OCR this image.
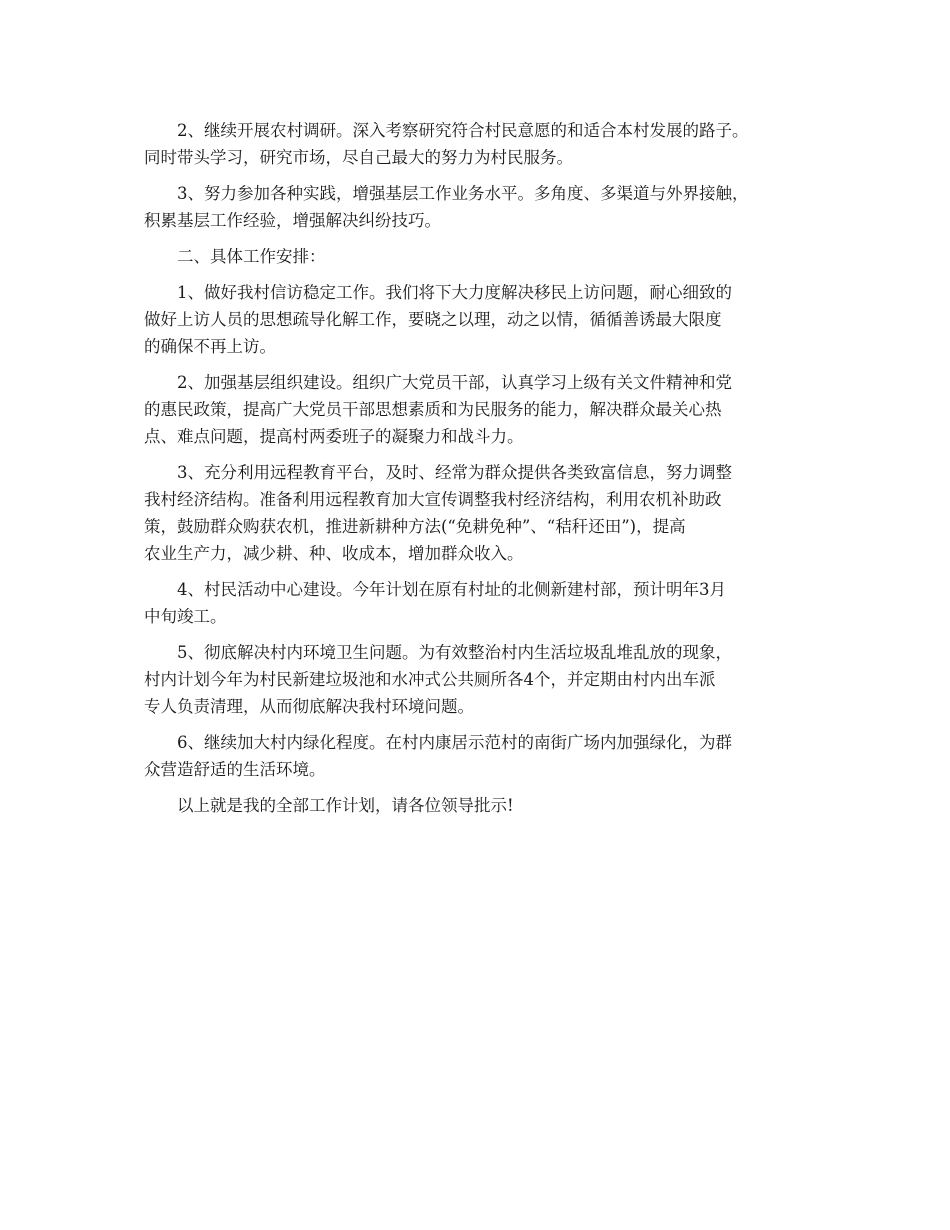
　　2、继续开展农村调研。深入考察研究符合村民意愿的和适合本村发展的路子。
同时带头学习，研究市场，尽自己最大的努力为村民服务。
　　3、努力参加各种实践，增强基层工作业务水平。多角度、多渠道与外界接触，
积累基层工作经验，增强解决纠纷技巧。
　　二、具体工作安排：
　　1、做好我村信访稳定工作。我们将下大力度解决移民上访问题，耐心细致的
做好上访人员的思想疏导化解工作，要晓之以理，动之以情，循循善诱最大限度
的确保不再上访。
　　2、加强基层组织建设。组织广大党员干部，认真学习上级有关文件精神和党
的惠民政策，提高广大党员干部思想素质和为民服务的能力，解决群众最关心热
点、难点问题，提高村两委班子的凝聚力和战斗力。
　　3、充分利用远程教育平台，及时、经常为群众提供各类致富信息，努力调整
我村经济结构。准备利用远程教育加大宣传调整我村经济结构，利用农机补助政
策，鼓励群众购获农机，推进新耕种方法(“免耕免种”、“秸秆还田”)，提高
农业生产力，减少耕、种、收成本，增加群众收入。
　　4、村民活动中心建设。今年计划在原有村址的北侧新建村部，预计明年3月
中旬竣工。
　　5、彻底解决村内环境卫生问题。为有效整治村内生活垃圾乱堆乱放的现象，
村内计划今年为村民新建垃圾池和水冲式公共厕所各4个，并定期由村内出车派
专人负责清理，从而彻底解决我村环境问题。
　　6、继续加大村内绿化程度。在村内康居示范村的南街广场内加强绿化，为群
众营造舒适的生活环境。
　　以上就是我的全部工作计划，请各位领导批示!
